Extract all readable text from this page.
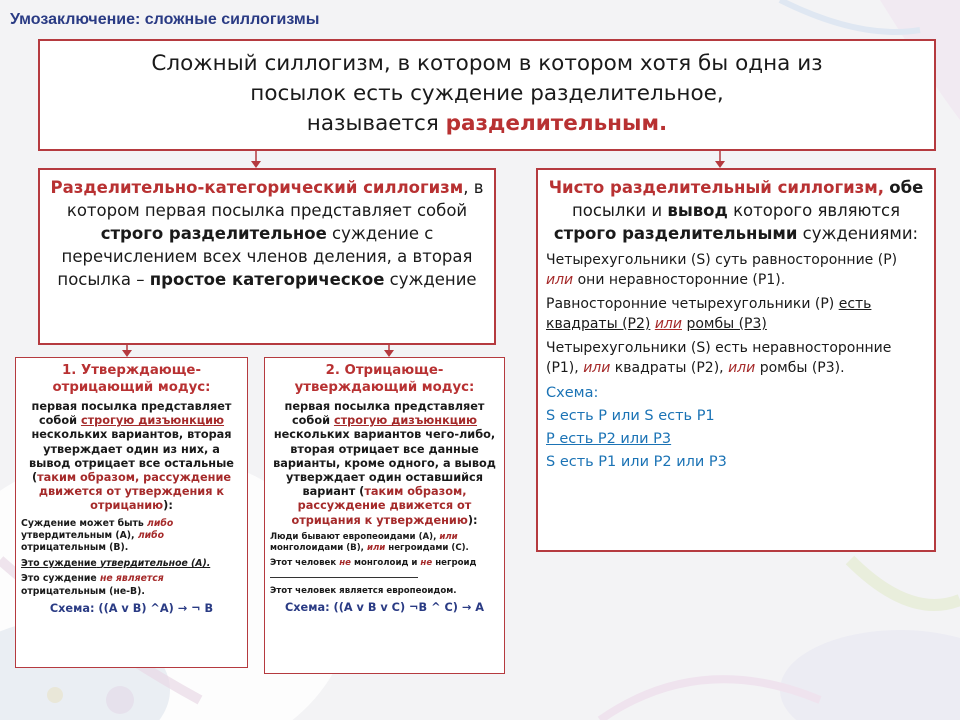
Умозаключение: сложные силлогизмы
Сложный силлогизм, в котором в котором хотя бы одна из
посылок есть суждение разделительное,
называется разделительным.
Разделительно-категорический силлогизм, в котором первая посылка представляет собой строго разделительное суждение с перечислением всех членов деления, а вторая посылка – простое категорическое суждение
Чисто разделительный силлогизм, обе посылки и вывод которого являются строго разделительными суждениями:

Четырехугольники (S) суть равносторонние (Р) или они неравносторонние (Р1).

Равносторонние четырехугольники (Р) есть квадраты (Р2) или ромбы (Р3)

Четырехугольники (S) есть неравносторонние (Р1), или квадраты (Р2), или ромбы (Р3).

Схема:
S есть Р или S есть Р1
Р есть Р2 или Р3
S есть Р1 или Р2 или Р3
1. Утверждающе-отрицающий модус:
первая посылка представляет собой строгую дизъюнкцию нескольких вариантов, вторая утверждает один из них, а вывод отрицает все остальные (таким образом, рассуждение движется от утверждения к отрицанию):

Суждение может быть либо утвердительным (А), либо отрицательным (В).

Это суждение утвердительное (А).

Это суждение не является отрицательным (не-В).

Схема: ((А v В) ^А) → ¬ В
2. Отрицающе-утверждающий модус:
первая посылка представляет собой строгую дизъюнкцию нескольких вариантов чего-либо, вторая отрицает все данные варианты, кроме одного, а вывод утверждает один оставшийся вариант (таким образом, рассуждение движется от отрицания к утверждению):

Люди бывают европеоидами (А), или монголоидами (В), или негроидами (С).

Этот человек не монголоид и не негроид

Этот человек является европеоидом.

Схема: ((А v В v С) ¬В ^ С) → А
